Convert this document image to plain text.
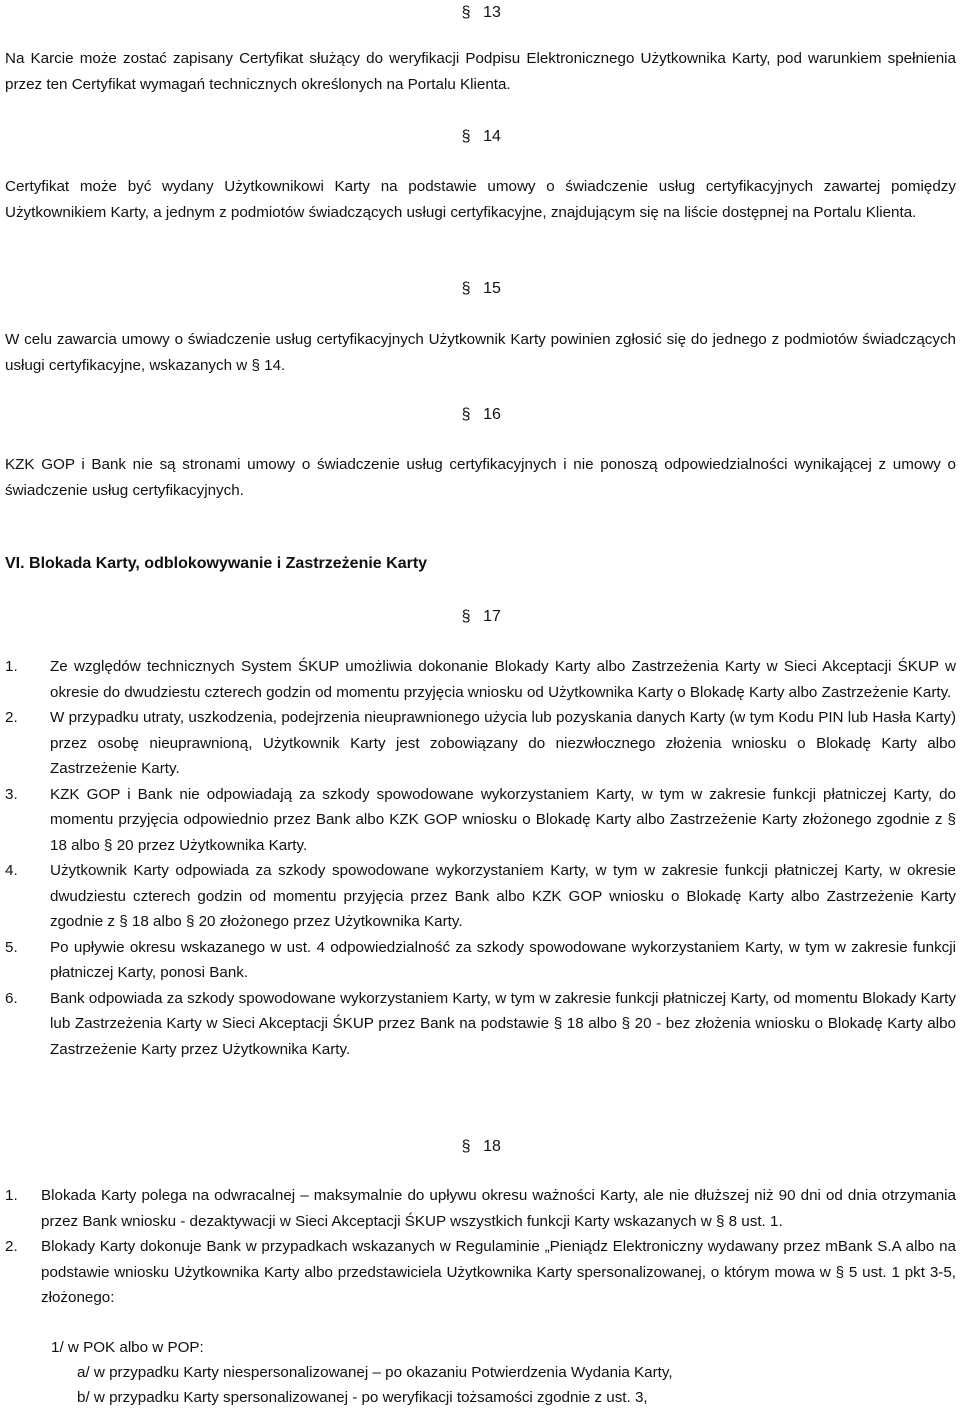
§ 13

Na Karcie może zostać zapisany Certyfikat służący do weryfikacji Podpisu Elektronicznego Użytkownika Karty, pod warunkiem spełnienia przez ten Certyfikat wymagań technicznych określonych na Portalu Klienta.

§ 14

Certyfikat może być wydany Użytkownikowi Karty na podstawie umowy o świadczenie usług certyfikacyjnych zawartej pomiędzy Użytkownikiem Karty, a jednym z podmiotów świadczących usługi certyfikacyjne, znajdującym się na liście dostępnej na Portalu Klienta.

§ 15

W celu zawarcia umowy o świadczenie usług certyfikacyjnych Użytkownik Karty powinien zgłosić się do jednego z podmiotów świadczących usługi certyfikacyjne, wskazanych w § 14.

§ 16

KZK GOP i Bank nie są stronami umowy o świadczenie usług certyfikacyjnych i nie ponoszą odpowiedzialności wynikającej z umowy o świadczenie usług certyfikacyjnych.

VI. Blokada Karty, odblokowywanie i Zastrzeżenie Karty
§ 17
1. Ze względów technicznych System ŚKUP umożliwia dokonanie Blokady Karty albo Zastrzeżenia Karty w Sieci Akceptacji ŚKUP w okresie do dwudziestu czterech godzin od momentu przyjęcia wniosku od Użytkownika Karty o Blokadę Karty albo Zastrzeżenie Karty.
2. W przypadku utraty, uszkodzenia, podejrzenia nieuprawnionego użycia lub pozyskania danych Karty (w tym Kodu PIN lub Hasła Karty) przez osobę nieuprawnioną, Użytkownik Karty jest zobowiązany do niezwłocznego złożenia wniosku o Blokadę Karty albo Zastrzeżenie Karty.
3. KZK GOP i Bank nie odpowiadają za szkody spowodowane wykorzystaniem Karty, w tym w zakresie funkcji płatniczej Karty, do momentu przyjęcia odpowiednio przez Bank albo KZK GOP wniosku o Blokadę Karty albo Zastrzeżenie Karty złożonego zgodnie z § 18 albo § 20 przez Użytkownika Karty.
4. Użytkownik Karty odpowiada za szkody spowodowane wykorzystaniem Karty, w tym w zakresie funkcji płatniczej Karty, w okresie dwudziestu czterech godzin od momentu przyjęcia przez Bank albo KZK GOP wniosku o Blokadę Karty albo Zastrzeżenie Karty zgodnie z § 18 albo § 20 złożonego przez Użytkownika Karty.
5. Po upływie okresu wskazanego w ust. 4 odpowiedzialność za szkody spowodowane wykorzystaniem Karty, w tym w zakresie funkcji płatniczej Karty, ponosi Bank.
6. Bank odpowiada za szkody spowodowane wykorzystaniem Karty, w tym w zakresie funkcji płatniczej Karty, od momentu Blokady Karty lub Zastrzeżenia Karty w Sieci Akceptacji ŚKUP przez Bank na podstawie § 18 albo § 20 - bez złożenia wniosku o Blokadę Karty albo Zastrzeżenie Karty przez Użytkownika Karty.
§ 18
1. Blokada Karty polega na odwracalnej – maksymalnie do upływu okresu ważności Karty, ale nie dłuższej niż 90 dni od dnia otrzymania przez Bank wniosku - dezaktywacji w Sieci Akceptacji ŚKUP wszystkich funkcji Karty wskazanych w § 8 ust. 1.
2. Blokady Karty dokonuje Bank w przypadkach wskazanych w Regulaminie „Pieniądz Elektroniczny wydawany przez mBank S.A albo na podstawie wniosku Użytkownika Karty albo przedstawiciela Użytkownika Karty spersonalizowanej, o którym mowa w § 5 ust. 1 pkt 3-5, złożonego:

1/ w POK albo w POP:

a/ w przypadku Karty niespersonalizowanej – po okazaniu Potwierdzenia Wydania Karty,

b/ w przypadku Karty spersonalizowanej - po weryfikacji tożsamości zgodnie z ust. 3,
